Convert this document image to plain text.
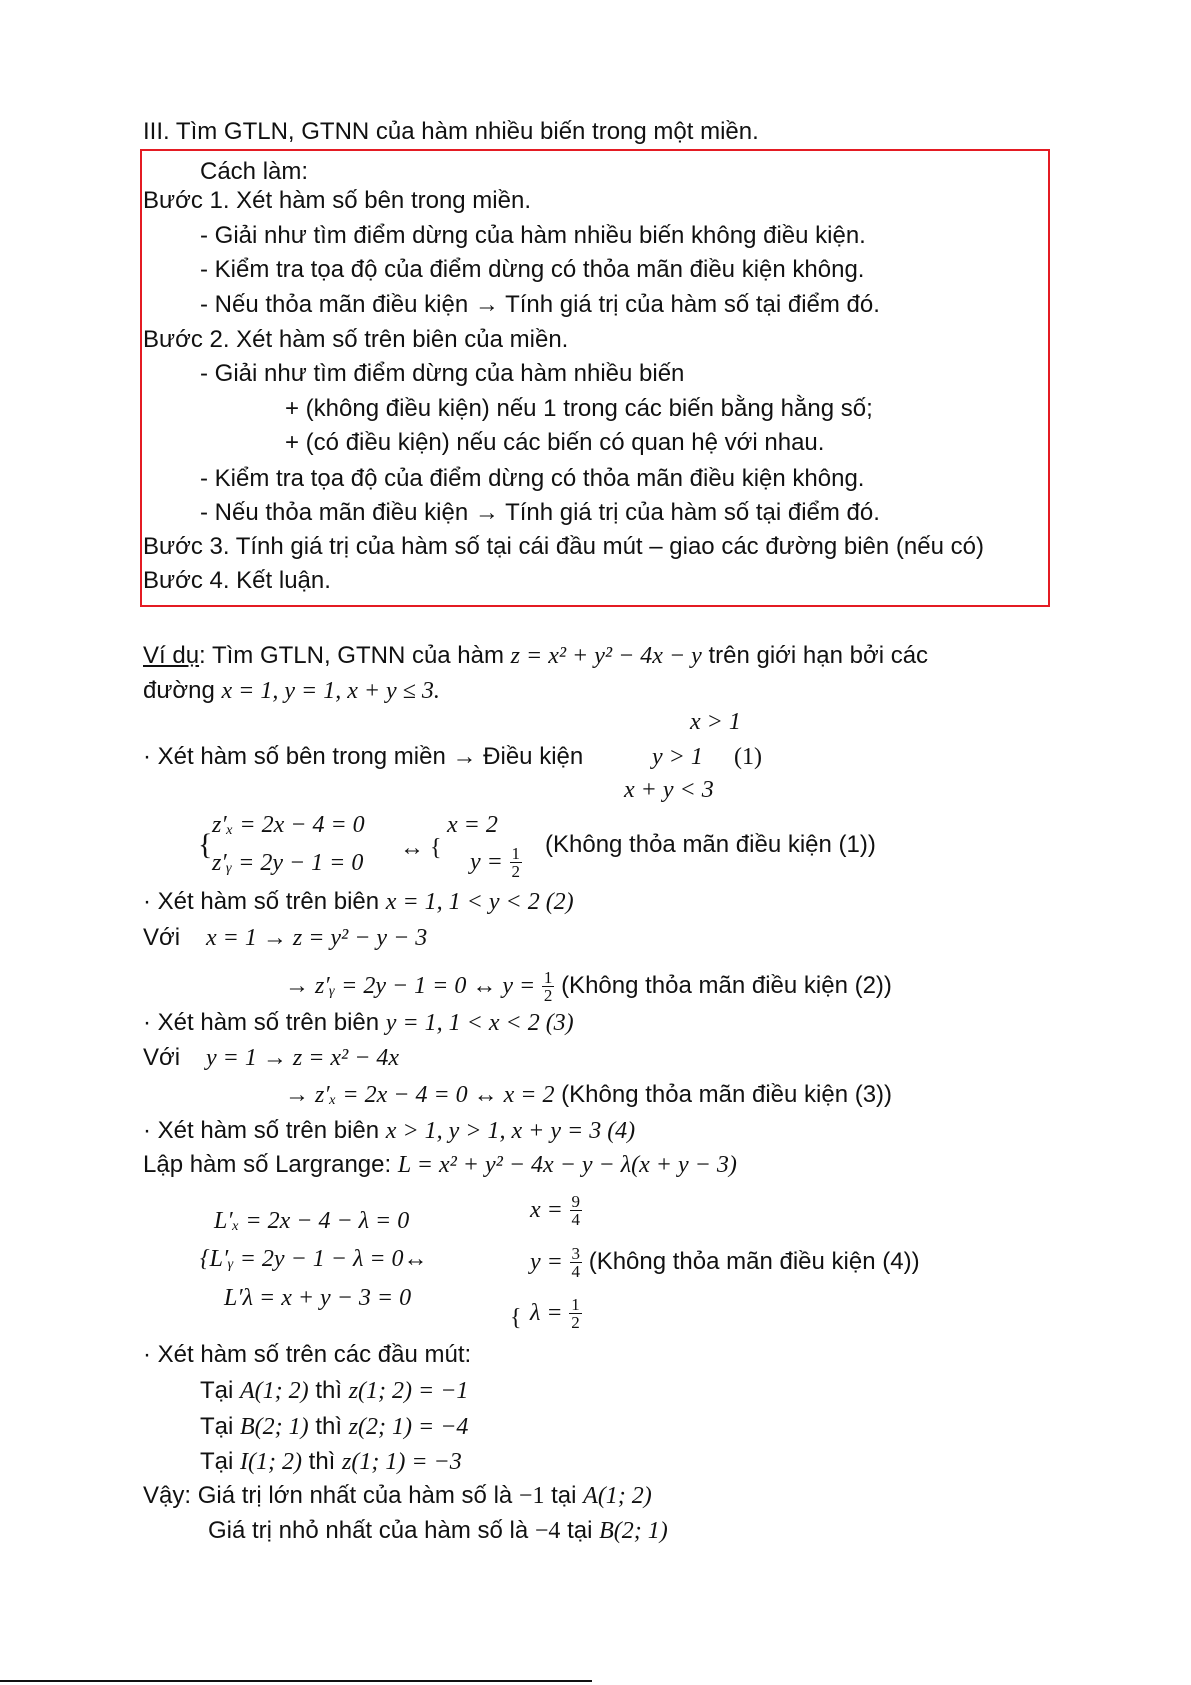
III. Tìm GTLN, GTNN của hàm nhiều biến trong một miền.
Cách làm:
Bước 1. Xét hàm số bên trong miền.
- Giải như tìm điểm dừng của hàm nhiều biến không điều kiện.
- Kiểm tra tọa độ của điểm dừng có thỏa mãn điều kiện không.
- Nếu thỏa mãn điều kiện → Tính giá trị của hàm số tại điểm đó.
Bước 2. Xét hàm số trên biên của miền.
- Giải như tìm điểm dừng của hàm nhiều biến
+ (không điều kiện) nếu 1 trong các biến bằng hằng số;
+ (có điều kiện) nếu các biến có quan hệ với nhau.
- Kiểm tra tọa độ của điểm dừng có thỏa mãn điều kiện không.
- Nếu thỏa mãn điều kiện → Tính giá trị của hàm số tại điểm đó.
Bước 3. Tính giá trị của hàm số tại cái đầu mút – giao các đường biên (nếu có)
Bước 4. Kết luận.
Ví dụ: Tìm GTLN, GTNN của hàm z = x² + y² − 4x − y trên giới hạn bởi các
đường x = 1, y = 1, x + y ≤ 3.
x > 1
· Xét hàm số bên trong miền → Điều kiện	y > 1 (1)
x + y < 3
{
z′ₓ = 2x − 4 = 0
z′ᵧ = 2y − 1 = 0
↔ {
x = 2
$y = \frac{1}{2}$
(Không thỏa mãn điều kiện (1))
· Xét hàm số trên biên x = 1, 1 < y < 2 (2)
Với x = 1 → z = y² − y − 3
→ z′ᵧ = 2y − 1 = 0 ↔ $y = \frac{1}{2}$ (Không thỏa mãn điều kiện (2))
· Xét hàm số trên biên y = 1, 1 < x < 2 (3)
Với y = 1 → z = x² − 4x
→ z′ₓ = 2x − 4 = 0 ↔ x = 2 (Không thỏa mãn điều kiện (3))
· Xét hàm số trên biên x > 1, y > 1, x + y = 3 (4)
Lập hàm số Largrange: L = x² + y² − 4x − y − λ(x + y − 3)
L′ₓ = 2x − 4 − λ = 0
{L′ᵧ = 2y − 1 − λ = 0↔
L′λ = x + y − 3 = 0
$x = \frac{9}{4}$
$y = \frac{3}{4}$ (Không thỏa mãn điều kiện (4))
{ $\lambda = \frac{1}{2}$
· Xét hàm số trên các đầu mút:
Tại A(1; 2) thì z(1; 2) = −1
Tại B(2; 1) thì z(2; 1) = −4
Tại I(1; 2) thì z(1; 1) = −3
Vậy: Giá trị lớn nhất của hàm số là −1 tại A(1; 2)
Giá trị nhỏ nhất của hàm số là −4 tại B(2; 1)
